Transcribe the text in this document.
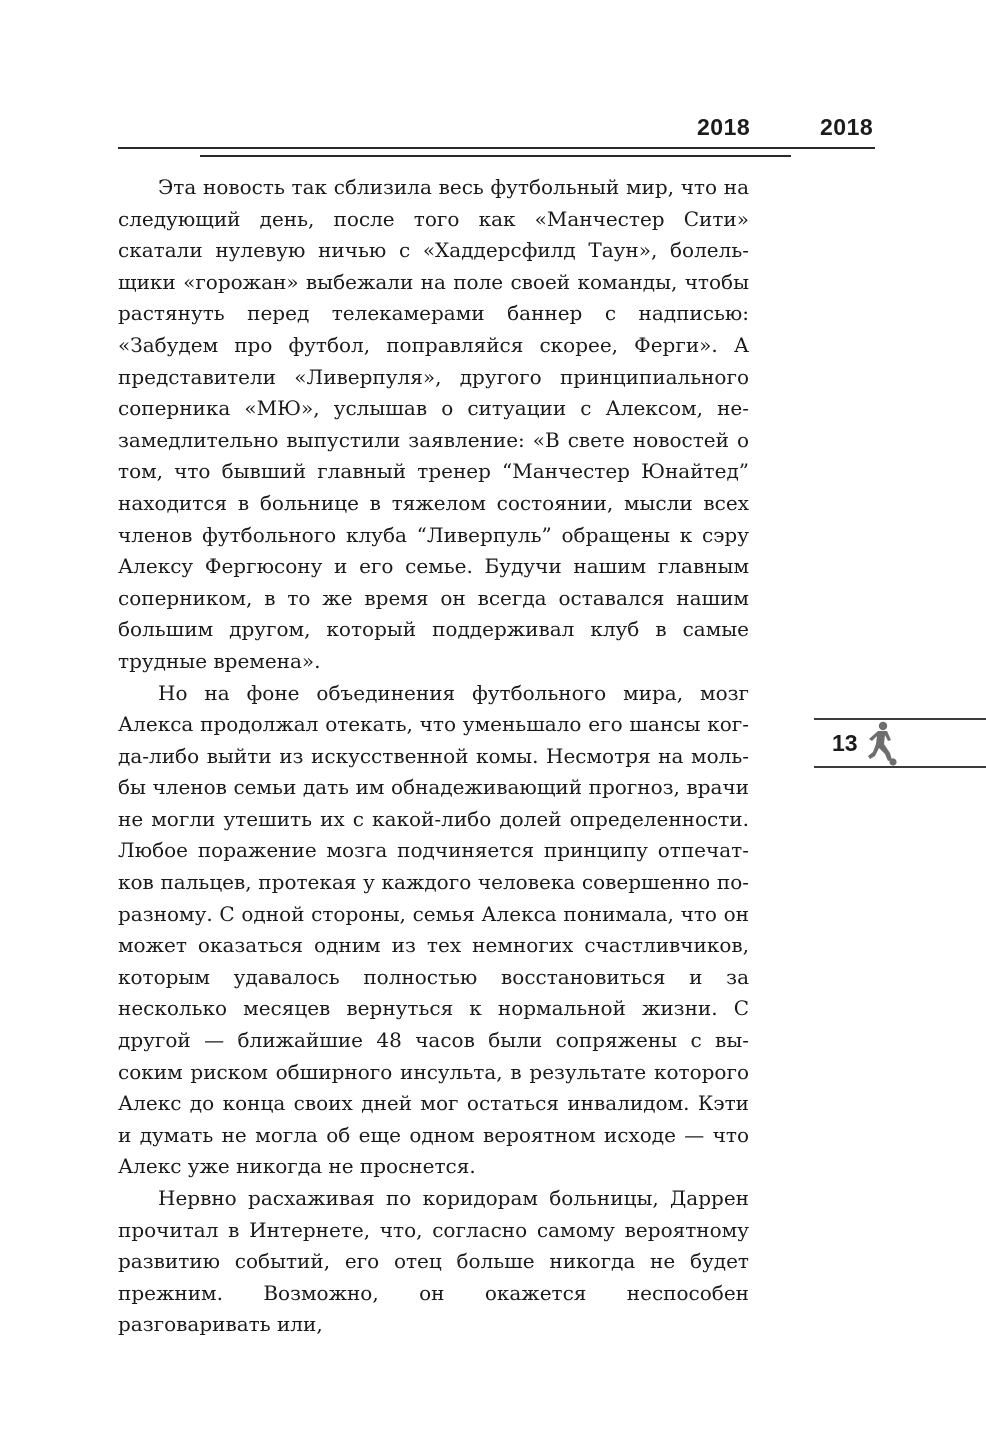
2018	2018

Эта новость так сблизила весь футбольный мир, что на следующий день, после того как «Манчестер Сити» скатали нулевую ничью с «Хаддерсфилд Таун», болельщики «горожан» выбежали на поле своей команды, чтобы растянуть перед телекамерами баннер с надписью: «Забудем про футбол, поправляйся скорее, Ферги». А представители «Ливерпуля», другого принципиального соперника «МЮ», услышав о ситуации с Алексом, незамедлительно выпустили заявление: «В свете новостей о том, что бывший главный тренер “Манчестер Юнайтед” находится в больнице в тяжелом состоянии, мысли всех членов футбольного клуба “Ливерпуль” обращены к сэру Алексу Фергюсону и его семье. Будучи нашим главным соперником, в то же время он всегда оставался нашим большим другом, который поддерживал клуб в самые трудные времена».

Но на фоне объединения футбольного мира, мозг Алекса продолжал отекать, что уменьшало его шансы когда-либо выйти из искусственной комы. Несмотря на мольбы членов семьи дать им обнадеживающий прогноз, врачи не могли утешить их с какой-либо долей определенности. Любое поражение мозга подчиняется принципу отпечатков пальцев, протекая у каждого человека совершенно по-разному. С одной стороны, семья Алекса понимала, что он может оказаться одним из тех немногих счастливчиков, которым удавалось полностью восстановиться и за несколько месяцев вернуться к нормальной жизни. С другой — ближайшие 48 часов были сопряжены с высоким риском обширного инсульта, в результате которого Алекс до конца своих дней мог остаться инвалидом. Кэти и думать не могла об еще одном вероятном исходе — что Алекс уже никогда не проснется.

Нервно расхаживая по коридорам больницы, Даррен прочитал в Интернете, что, согласно самому вероятному развитию событий, его отец больше никогда не будет прежним. Возможно, он окажется неспособен разговаривать или,

13
